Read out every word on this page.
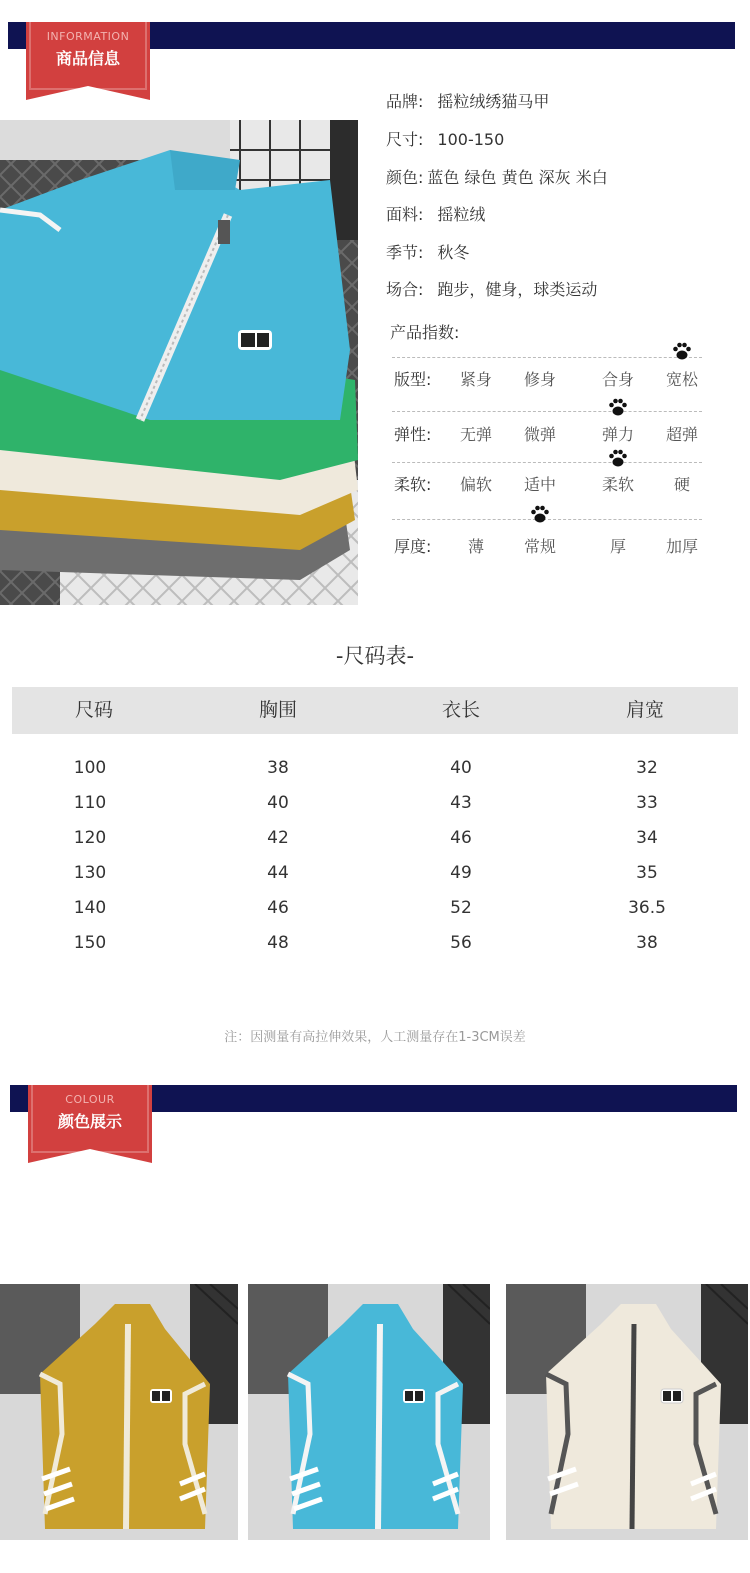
INFORMATION
商品信息
品牌: 摇粒绒绣猫马甲
尺寸: 100-150
颜色: 蓝色 绿色 黄色 深灰 米白
面料: 摇粒绒
季节: 秋冬
场合: 跑步，健身，球类运动
产品指数:
版型:	紧身	修身	合身	宽松
弹性:	无弹	微弹	弹力	超弹
柔软:	偏软	适中	柔软	硬
厚度:	薄	常规	厚	加厚
-尺码表-
尺码	胸围	衣长	肩宽
100	38	40	32
110	40	43	33
120	42	46	34
130	44	49	35
140	46	52	36.5
150	48	56	38
注：因测量有高拉伸效果，人工测量存在1-3CM误差
COLOUR
颜色展示
